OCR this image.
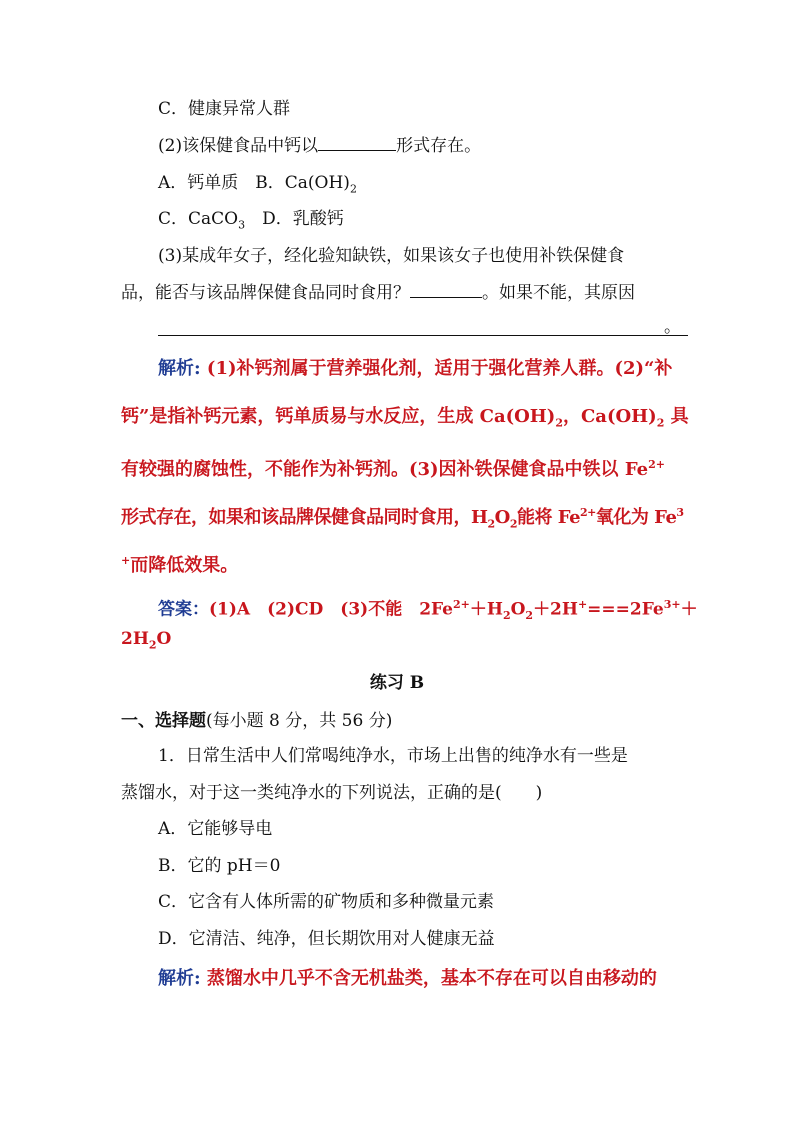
C．健康异常人群
(2)该保健食品中钙以	形式存在。
A．钙单质　B．$Ca(OH)_2$
C．CaCO$_3$　D．乳酸钙
(3)某成年女子，经化验知缺铁，如果该女子也使用补铁保健食
品，能否与该品牌保健食品同时食用？	。如果不能，其原因
。
解析: (1)补钙剂属于营养强化剂，适用于强化营养人群。(2)“补
钙”是指补钙元素，钙单质易与水反应，生成 $Ca(OH)_2$，$Ca(OH)_2$ 具
有较强的腐蚀性，不能作为补钙剂。(3)因补铁保健食品中铁以 $Fe^{2+}$
形式存在，如果和该品牌保健食品同时食用，$H_2O_2$能将 $Fe^{2+}$氧化为 Fe$^3$
+而降低效果。
答案：(1)A　(2)CD　(3)不能　$2Fe^{2+}+H_2O_2+2H^+===2Fe^{3+}+$
$2H_2O$
练习 B
一、选择题(每小题 8 分，共 56 分)
1．日常生活中人们常喝纯净水，市场上出售的纯净水有一些是
蒸馏水，对于这一类纯净水的下列说法，正确的是( )
A．它能够导电
B．它的 pH＝0
C．它含有人体所需的矿物质和多种微量元素
D．它清洁、纯净，但长期饮用对人健康无益
解析: 蒸馏水中几乎不含无机盐类，基本不存在可以自由移动的
